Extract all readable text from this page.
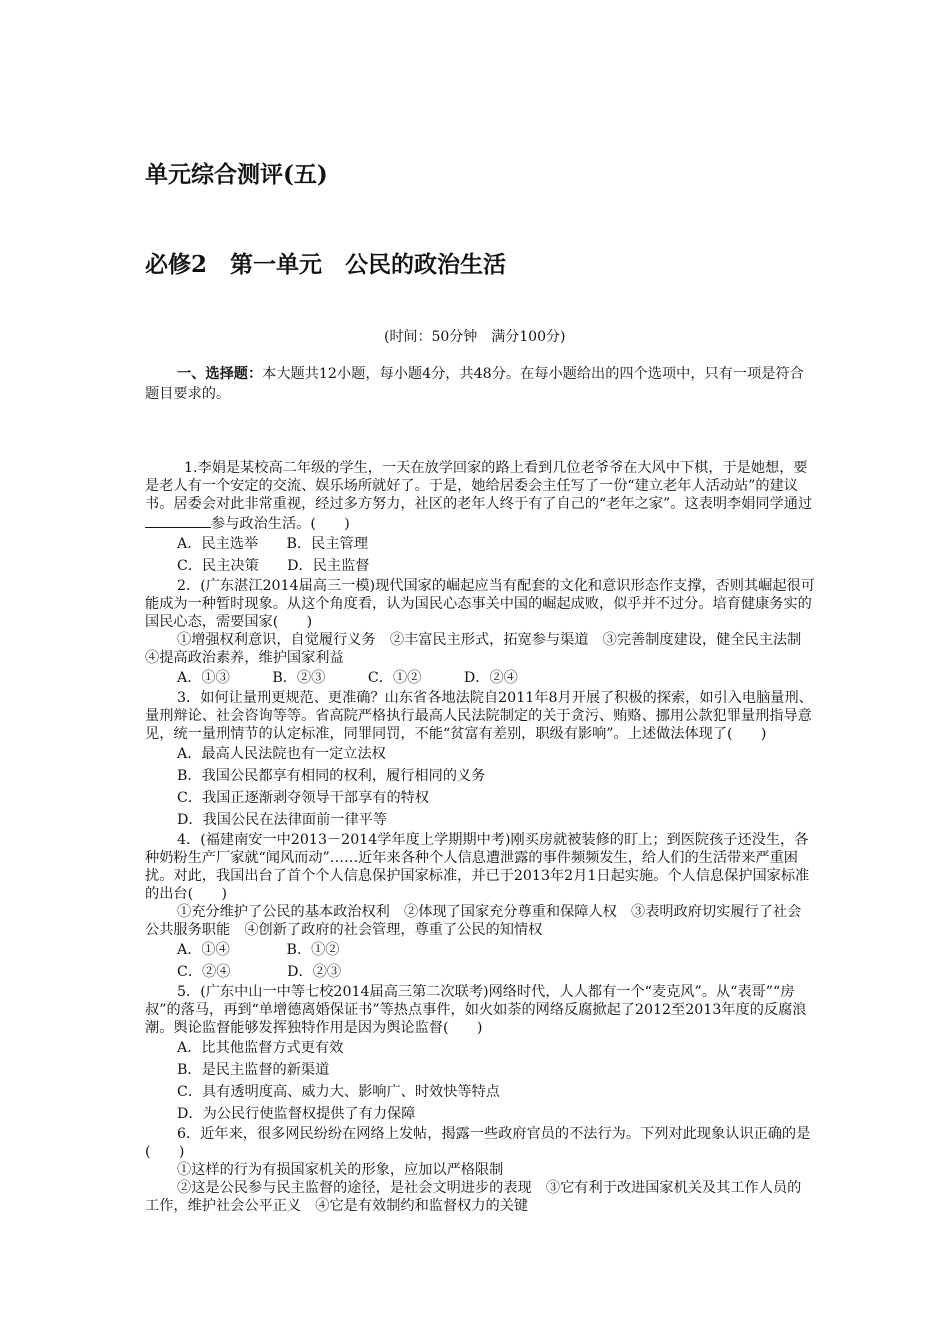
单元综合测评(五)
必修2　第一单元　公民的政治生活
(时间：50分钟　满分100分)
一、选择题：本大题共12小题，每小题4分，共48分。在每小题给出的四个选项中，只有一项是符合题目要求的。

1.李娟是某校高二年级的学生，一天在放学回家的路上看到几位老爷爷在大风中下棋，于是她想，要是老人有一个安定的交流、娱乐场所就好了。于是，她给居委会主任写了一份“建立老年人活动站”的建议书。居委会对此非常重视，经过多方努力，社区的老年人终于有了自己的“老年之家”。这表明李娟同学通过参与政治生活。(　　)

A．民主选举　　B．民主管理

C．民主决策　　D．民主监督

2．(广东湛江2014届高三一模)现代国家的崛起应当有配套的文化和意识形态作支撑，否则其崛起很可能成为一种暂时现象。从这个角度看，认为国民心态事关中国的崛起成败，似乎并不过分。培育健康务实的国民心态，需要国家(　　)

①增强权利意识，自觉履行义务　②丰富民主形式，拓宽参与渠道　③完善制度建设，健全民主法制　④提高政治素养，维护国家利益

A．①③　　　B．②③　　　C．①②　　　D．②④

3．如何让量刑更规范、更准确？山东省各地法院自2011年8月开展了积极的探索，如引入电脑量刑、量刑辩论、社会咨询等等。省高院严格执行最高人民法院制定的关于贪污、贿赂、挪用公款犯罪量刑指导意见，统一量刑情节的认定标准，同罪同罚，不能“贫富有差别，职级有影响”。上述做法体现了(　　)

A．最高人民法院也有一定立法权

B．我国公民都享有相同的权利，履行相同的义务

C．我国正逐渐剥夺领导干部享有的特权

D．我国公民在法律面前一律平等

4．(福建南安一中2013－2014学年度上学期期中考)刚买房就被装修的盯上；到医院孩子还没生，各种奶粉生产厂家就“闻风而动”……近年来各种个人信息遭泄露的事件频频发生，给人们的生活带来严重困扰。对此，我国出台了首个个人信息保护国家标准，并已于2013年2月1日起实施。个人信息保护国家标准的出台(　　)

①充分维护了公民的基本政治权利　②体现了国家充分尊重和保障人权　③表明政府切实履行了社会公共服务职能　④创新了政府的社会管理，尊重了公民的知情权

A．①④　　　　B．①②

C．②④　　　　D．②③

5．(广东中山一中等七校2014届高三第二次联考)网络时代，人人都有一个“麦克风”。从“表哥”“房叔”的落马，再到“单增德离婚保证书”等热点事件，如火如荼的网络反腐掀起了2012至2013年度的反腐浪潮。舆论监督能够发挥独特作用是因为舆论监督(　　)

A．比其他监督方式更有效

B．是民主监督的新渠道

C．具有透明度高、威力大、影响广、时效快等特点

D．为公民行使监督权提供了有力保障

6．近年来，很多网民纷纷在网络上发帖，揭露一些政府官员的不法行为。下列对此现象认识正确的是(　　)

①这样的行为有损国家机关的形象，应加以严格限制

②这是公民参与民主监督的途径，是社会文明进步的表现　③它有利于改进国家机关及其工作人员的工作，维护社会公平正义　④它是有效制约和监督权力的关键
